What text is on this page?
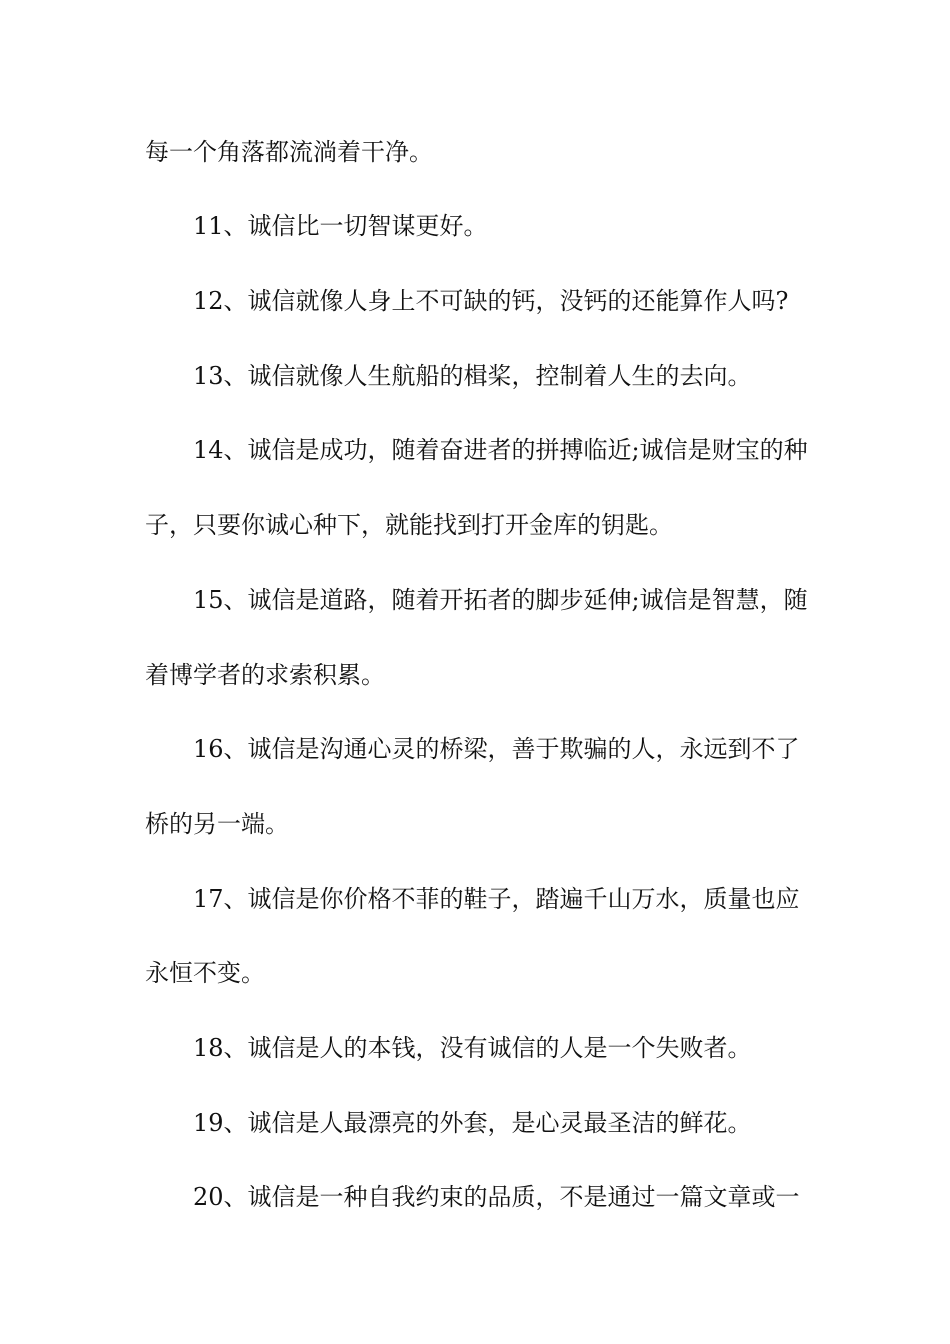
每一个角落都流淌着干净。
11、诚信比一切智谋更好。
12、诚信就像人身上不可缺的钙，没钙的还能算作人吗?
13、诚信就像人生航船的楫桨，控制着人生的去向。
14、诚信是成功，随着奋进者的拼搏临近;诚信是财宝的种
子，只要你诚心种下，就能找到打开金库的钥匙。
15、诚信是道路，随着开拓者的脚步延伸;诚信是智慧，随
着博学者的求索积累。
16、诚信是沟通心灵的桥梁，善于欺骗的人，永远到不了
桥的另一端。
17、诚信是你价格不菲的鞋子，踏遍千山万水，质量也应
永恒不变。
18、诚信是人的本钱，没有诚信的人是一个失败者。
19、诚信是人最漂亮的外套，是心灵最圣洁的鲜花。
20、诚信是一种自我约束的品质，不是通过一篇文章或一
